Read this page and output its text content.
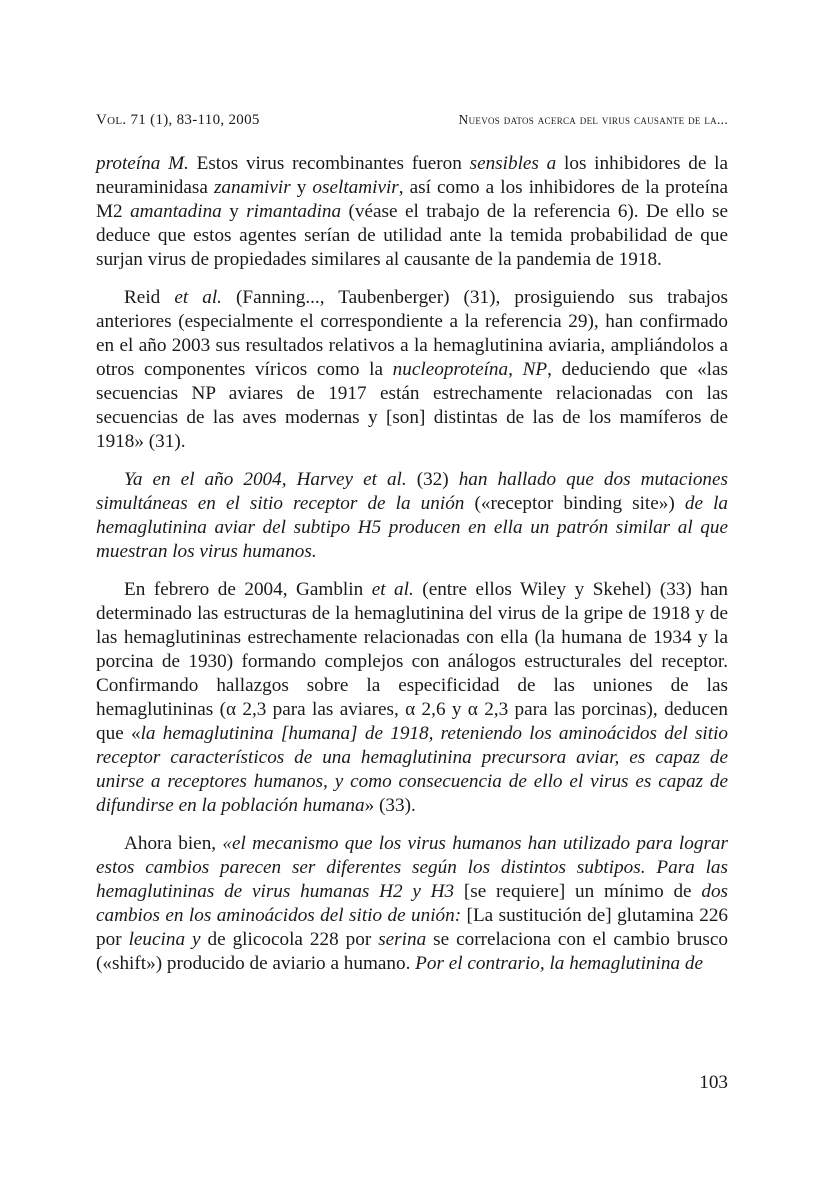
Vol. 71 (1), 83-110, 2005	Nuevos datos acerca del virus causante de la...

proteína M. Estos virus recombinantes fueron sensibles a los inhibidores de la neuraminidasa zanamivir y oseltamivir, así como a los inhibidores de la proteína M2 amantadina y rimantadina (véase el trabajo de la referencia 6). De ello se deduce que estos agentes serían de utilidad ante la temida probabilidad de que surjan virus de propiedades similares al causante de la pandemia de 1918.

Reid et al. (Fanning..., Taubenberger) (31), prosiguiendo sus trabajos anteriores (especialmente el correspondiente a la referencia 29), han confirmado en el año 2003 sus resultados relativos a la hemaglutinina aviaria, ampliándolos a otros componentes víricos como la nucleoproteína, NP, deduciendo que «las secuencias NP aviares de 1917 están estrechamente relacionadas con las secuencias de las aves modernas y [son] distintas de las de los mamíferos de 1918» (31).

Ya en el año 2004, Harvey et al. (32) han hallado que dos mutaciones simultáneas en el sitio receptor de la unión («receptor binding site») de la hemaglutinina aviar del subtipo H5 producen en ella un patrón similar al que muestran los virus humanos.

En febrero de 2004, Gamblin et al. (entre ellos Wiley y Skehel) (33) han determinado las estructuras de la hemaglutinina del virus de la gripe de 1918 y de las hemaglutininas estrechamente relacionadas con ella (la humana de 1934 y la porcina de 1930) formando complejos con análogos estructurales del receptor. Confirmando hallazgos sobre la especificidad de las uniones de las hemaglutininas (α 2,3 para las aviares, α 2,6 y α 2,3 para las porcinas), deducen que «la hemaglutinina [humana] de 1918, reteniendo los aminoácidos del sitio receptor característicos de una hemaglutinina precursora aviar, es capaz de unirse a receptores humanos, y como consecuencia de ello el virus es capaz de difundirse en la población humana» (33).

Ahora bien, «el mecanismo que los virus humanos han utilizado para lograr estos cambios parecen ser diferentes según los distintos subtipos. Para las hemaglutininas de virus humanas H2 y H3 [se requiere] un mínimo de dos cambios en los aminoácidos del sitio de unión: [La sustitución de] glutamina 226 por leucina y de glicocola 228 por serina se correlaciona con el cambio brusco («shift») producido de aviario a humano. Por el contrario, la hemaglutinina de

103
